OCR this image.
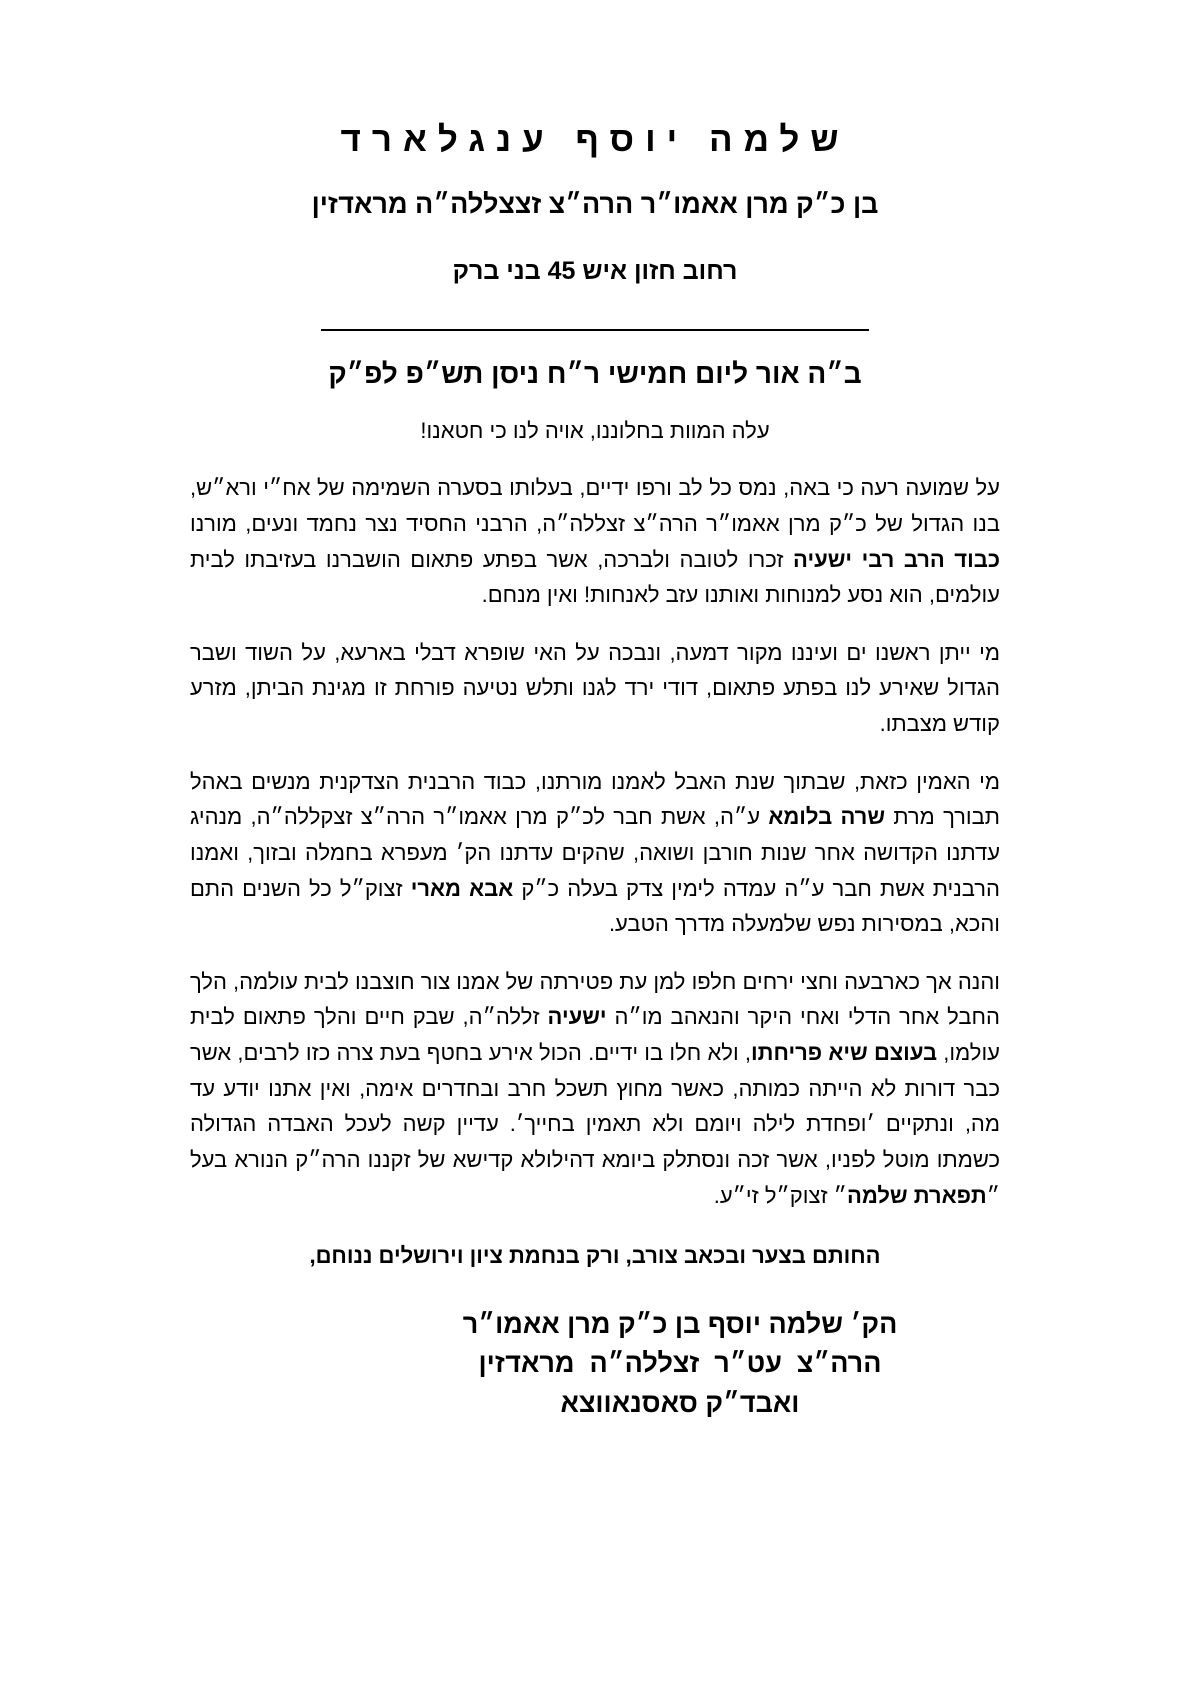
שלמה יוסף ענגלארד
בן כ״ק מרן אאמו״ר הרה״צ זצצללה״ה מראדזין
רחוב חזון איש 45 בני ברק
ב״ה אור ליום חמישי ר״ח ניסן תש״פ לפ״ק
עלה המוות בחלוננו, אויה לנו כי חטאנו!

על שמועה רעה כי באה, נמס כל לב ורפו ידיים, בעלותו בסערה השמימה של אח״י ורא״ש, בנו הגדול של כ״ק מרן אאמו״ר הרה״צ זצללה״ה, הרבני החסיד נצר נחמד ונעים, מורנו כבוד הרב רבי ישעיה זכרו לטובה ולברכה, אשר בפתע פתאום הושברנו בעזיבתו לבית עולמים, הוא נסע למנוחות ואותנו עזב לאנחות! ואין מנחם.

מי ייתן ראשנו ים ועיננו מקור דמעה, ונבכה על האי שופרא דבלי בארעא, על השוד ושבר הגדול שאירע לנו בפתע פתאום, דודי ירד לגנו ותלש נטיעה פורחת זו מגינת הביתן, מזרע קודש מצבתו.

מי האמין כזאת, שבתוך שנת האבל לאמנו מורתנו, כבוד הרבנית הצדקנית מנשים באהל תבורך מרת שרה בלומא ע״ה, אשת חבר לכ״ק מרן אאמו״ר הרה״צ זצקללה״ה, מנהיג עדתנו הקדושה אחר שנות חורבן ושואה, שהקים עדתנו הק׳ מעפרא בחמלה ובזוך, ואמנו הרבנית אשת חבר ע״ה עמדה לימין צדק בעלה כ״ק אבא מארי זצוק״ל כל השנים התם והכא, במסירות נפש שלמעלה מדרך הטבע.

והנה אך כארבעה וחצי ירחים חלפו למן עת פטירתה של אמנו צור חוצבנו לבית עולמה, הלך החבל אחר הדלי ואחי היקר והנאהב מו״ה ישעיה זללה״ה, שבק חיים והלך פתאום לבית עולמו, בעוצם שיא פריחתו, ולא חלו בו ידיים. הכול אירע בחטף בעת צרה כזו לרבים, אשר כבר דורות לא הייתה כמותה, כאשר מחוץ תשכל חרב ובחדרים אימה, ואין אתנו יודע עד מה, ונתקיים ׳ופחדת לילה ויומם ולא תאמין בחייך׳. עדיין קשה לעכל האבדה הגדולה כשמתו מוטל לפניו, אשר זכה ונסתלק ביומא דהילולא קדישא של זקננו הרה״ק הנורא בעל ״תפארת שלמה״ זצוק״ל זי״ע.

החותם בצער ובכאב צורב, ורק בנחמת ציון וירושלים ננוחם,
הק׳ שלמה יוסף בן כ״ק מרן אאמו״ר
הרה״צ  עט״ר  זצללה״ה  מראדזין
ואבד״ק סאסנאווצא
